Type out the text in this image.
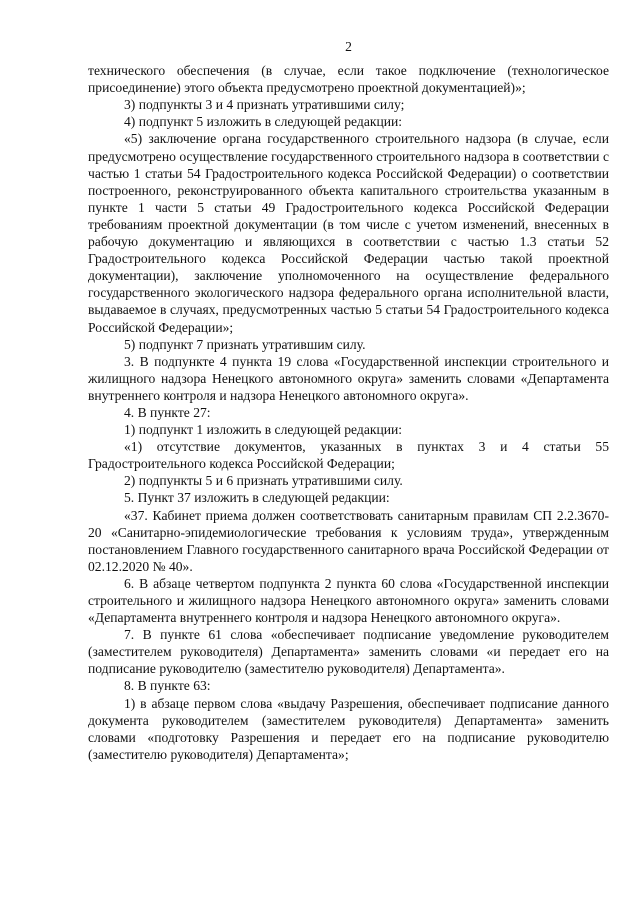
2

технического обеспечения (в случае, если такое подключение (технологическое присоединение) этого объекта предусмотрено проектной документацией)»;

3) подпункты 3 и 4 признать утратившими силу;

4) подпункт 5 изложить в следующей редакции:

«5) заключение органа государственного строительного надзора (в случае, если предусмотрено осуществление государственного строительного надзора в соответствии с частью 1 статьи 54 Градостроительного кодекса Российской Федерации) о соответствии построенного, реконструированного объекта капитального строительства указанным в пункте 1 части 5 статьи 49 Градостроительного кодекса Российской Федерации требованиям проектной документации (в том числе с учетом изменений, внесенных в рабочую документацию и являющихся в соответствии с частью 1.3 статьи 52 Градостроительного кодекса Российской Федерации частью такой проектной документации), заключение уполномоченного на осуществление федерального государственного экологического надзора федерального органа исполнительной власти, выдаваемое в случаях, предусмотренных частью 5 статьи 54 Градостроительного кодекса Российской Федерации»;

5) подпункт 7 признать утратившим силу.

3. В подпункте 4 пункта 19 слова «Государственной инспекции строительного и жилищного надзора Ненецкого автономного округа» заменить словами «Департамента внутреннего контроля и надзора Ненецкого автономного округа».

4. В пункте 27:

1) подпункт 1 изложить в следующей редакции:

«1) отсутствие документов, указанных в пунктах 3 и 4 статьи 55 Градостроительного кодекса Российской Федерации;

2) подпункты 5 и 6 признать утратившими силу.

5. Пункт 37 изложить в следующей редакции:

«37. Кабинет приема должен соответствовать санитарным правилам СП 2.2.3670-20 «Санитарно-эпидемиологические требования к условиям труда», утвержденным постановлением Главного государственного санитарного врача Российской Федерации от 02.12.2020 № 40».

6. В абзаце четвертом подпункта 2 пункта 60 слова «Государственной инспекции строительного и жилищного надзора Ненецкого автономного округа» заменить словами «Департамента внутреннего контроля и надзора Ненецкого автономного округа».

7. В пункте 61 слова «обеспечивает подписание уведомление руководителем (заместителем руководителя) Департамента» заменить словами «и передает его на подписание руководителю (заместителю руководителя) Департамента».

8. В пункте 63:

1) в абзаце первом слова «выдачу Разрешения, обеспечивает подписание данного документа руководителем (заместителем руководителя) Департамента» заменить словами «подготовку Разрешения и передает его на подписание руководителю (заместителю руководителя) Департамента»;
